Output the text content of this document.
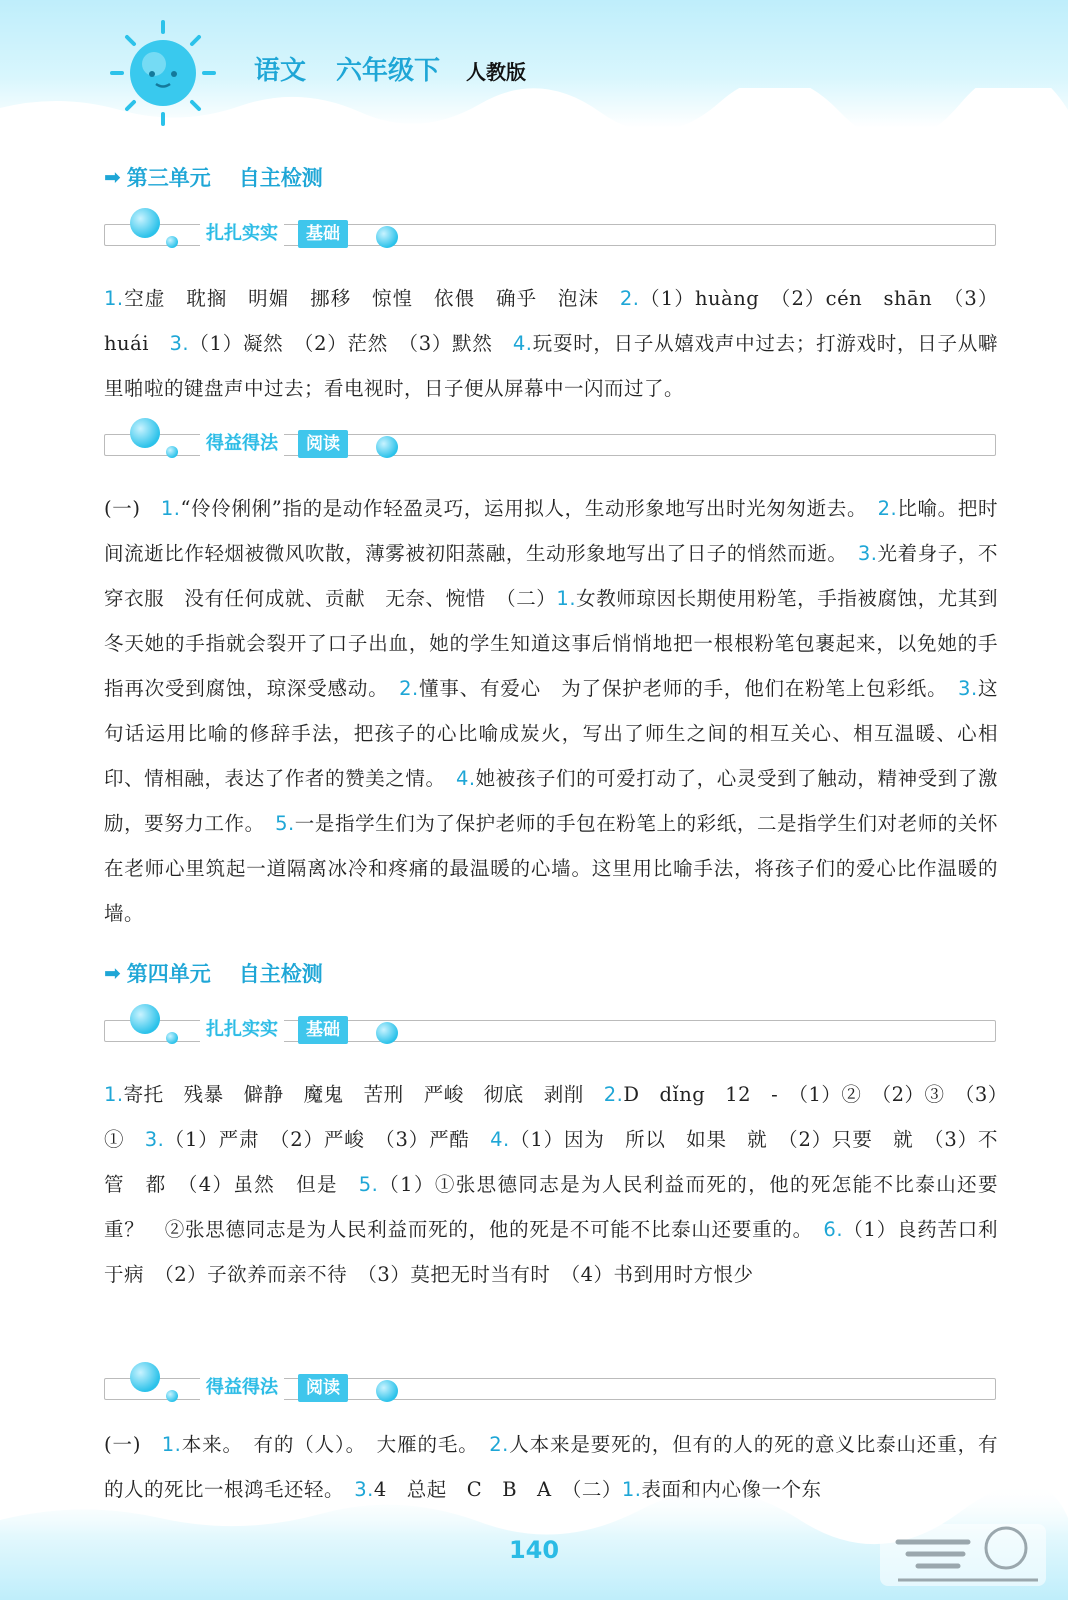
语文 六年级下 人教版
➡ 第三单元 自主检测
扎扎实实	基础
1.空虚　耽搁　明媚　挪移　惊惶　依偎　确乎　泡沫　2.（1）huàng　（2）cén　shān　（3）huái　3.（1）凝然　（2）茫然　（3）默然　4.玩耍时，日子从嬉戏声中过去；打游戏时，日子从噼里啪啦的键盘声中过去；看电视时，日子便从屏幕中一闪而过了。
得益得法	阅读
(一)　1.“伶伶俐俐”指的是动作轻盈灵巧，运用拟人，生动形象地写出时光匆匆逝去。　2.比喻。把时间流逝比作轻烟被微风吹散，薄雾被初阳蒸融，生动形象地写出了日子的悄然而逝。　3.光着身子，不穿衣服　没有任何成就、贡献　无奈、惋惜　（二）1.女教师琼因长期使用粉笔，手指被腐蚀，尤其到冬天她的手指就会裂开了口子出血，她的学生知道这事后悄悄地把一根根粉笔包裹起来，以免她的手指再次受到腐蚀，琼深受感动。　2.懂事、有爱心　为了保护老师的手，他们在粉笔上包彩纸。　3.这句话运用比喻的修辞手法，把孩子的心比喻成炭火，写出了师生之间的相互关心、相互温暖、心相印、情相融，表达了作者的赞美之情。　4.她被孩子们的可爱打动了，心灵受到了触动，精神受到了激励，要努力工作。　5.一是指学生们为了保护老师的手包在粉笔上的彩纸，二是指学生们对老师的关怀在老师心里筑起一道隔离冰冷和疼痛的最温暖的心墙。这里用比喻手法，将孩子们的爱心比作温暖的墙。
➡ 第四单元 自主检测
扎扎实实	基础
1.寄托　残暴　僻静　魔鬼　苦刑　严峻　彻底　剥削　2.D　dǐng　12　-　（1）②　（2）③　（3）①　3.（1）严肃　（2）严峻　（3）严酷　4.（1）因为　所以　如果　就　（2）只要　就　（3）不管　都　（4）虽然　但是　5.（1）①张思德同志是为人民利益而死的，他的死怎能不比泰山还要重？　②张思德同志是为人民利益而死的，他的死是不可能不比泰山还要重的。　6.（1）良药苦口利于病　（2）子欲养而亲不待　（3）莫把无时当有时　（4）书到用时方恨少
得益得法	阅读
(一)　1.本来。　有的（人）。　大雁的毛。　2.人本来是要死的，但有的人的死的意义比泰山还重，有的人的死比一根鸿毛还轻。　3.4　总起　C　B　A　（二）1.表面和内心像一个东
140
